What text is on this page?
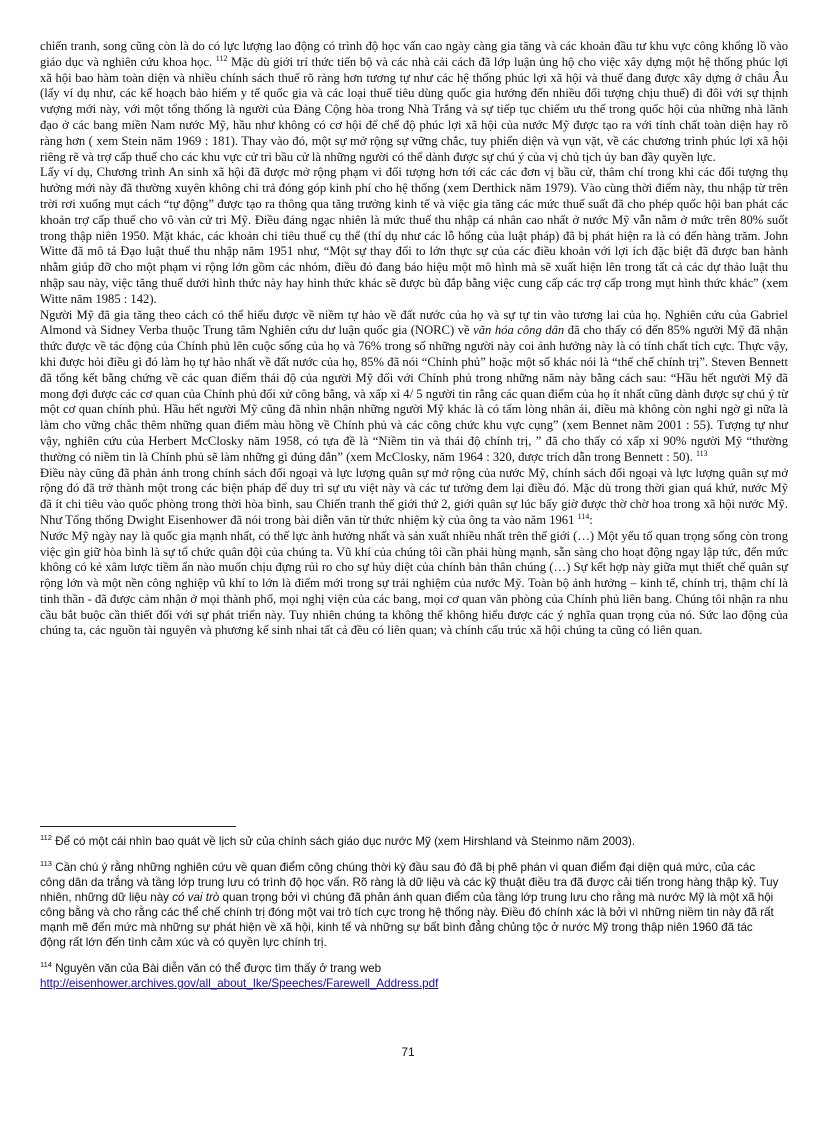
chiến tranh, song cũng còn là do có lực lượng lao động có trình độ học vấn cao ngày càng gia tăng và các khoản đầu tư khu vực công khổng lồ vào giáo dục và nghiên cứu khoa học. $^{112}$ Mặc dù giới trí thức tiến bộ và các nhà cải cách đã lớp luận ủng hộ cho việc xây dựng một hệ thống phúc lợi xã hội bao hàm toàn diện và nhiều chính sách thuế rõ ràng hơn tương tự như các hệ thống phúc lợi xã hội và thuế đang được xây dựng ở châu Âu (lấy ví dụ như, các kế hoạch bảo hiểm y tế quốc gia và các loại thuế tiêu dùng quốc gia hướng đến nhiều đối tượng chịu thuế) đi đôi với sự thịnh vượng mới này, với một tổng thống là người của Đảng Cộng hòa trong Nhà Trắng và sự tiếp tục chiếm ưu thế trong quốc hội của những nhà lãnh đạo ở các bang miền Nam nước Mỹ, hầu như không có cơ hội để chế độ phúc lợi xã hội của nước Mỹ được tạo ra với tính chất toàn diện hay rõ ràng hơn ( xem Stein năm 1969 : 181). Thay vào đó, một sự mở rộng sự vững chắc, tuy phiến diện và vụn vặt, về các chương trình phúc lợi xã hội riêng rẽ và trợ cấp thuế cho các khu vực cử tri bầu cử là những người có thể dành được sự chú ý của vị chủ tịch ủy ban đầy quyền lực.

Lấy ví dụ, Chương trình An sinh xã hội đã được mở rộng phạm vi đối tượng hơn tới các các đơn vị bầu cử, thâm chí trong khi các đối tượng thụ hưởng mới này đã thường xuyên không chi trả đóng góp kinh phí cho hệ thống (xem Derthick năm 1979). Vào cùng thời điểm này, thu nhập từ trên trời rơi xuống mụt cách “tự động” được tạo ra thông qua tăng trưởng kinh tế và việc gia tăng các mức thuế suất đã cho phép quốc hội ban phát các khoản trợ cấp thuế cho vô vàn cử tri Mỹ. Điều đáng ngạc nhiên là mức thuế thu nhập cá nhân cao nhất ở nước Mỹ vẫn nằm ở mức trên 80% suốt trong thập niên 1950. Mặt khác, các khoản chi tiêu thuế cụ thể (thí dụ như các lỗ hổng của luật pháp) đã bị phát hiện ra là có đến hàng trăm. John Witte đã mô tả Đạo luật thuế thu nhập năm 1951 như, “Một sự thay đổi to lớn thực sự của các điều khoản với lợi ích đặc biệt đã được ban hành nhằm giúp đỡ cho một phạm vi rộng lớn gồm các nhóm, điều đó đang báo hiệu một mô hình mà sẽ xuất hiện lên trong tất cả các dự thảo luật thu nhập sau này, việc tăng thuế dưới hình thức này hay hình thức khác sẽ được bù đắp bằng việc cung cấp các trợ cấp trong mụt hình thức khác” (xem Witte năm 1985 : 142).

Người Mỹ đã gia tăng theo cách có thể hiểu được về niềm tự hào về đất nước của họ và sự tự tin vào tương lai của họ. Nghiên cứu của Gabriel Almond và Sidney Verba thuộc Trung tâm Nghiên cứu dư luận quốc gia (NORC) về văn hóa công dân đã cho thấy có đến 85% người Mỹ đã nhận thức được về tác động của Chính phủ lên cuộc sống của họ và 76% trong số những người này coi ảnh hưởng này là có tính chất tích cực. Thực vậy, khi được hỏi điều gì đó làm họ tự hào nhất về đất nước của họ, 85% đã nói “Chính phủ” hoặc một số khác nói là “thể chế chính trị”. Steven Bennett đã tổng kết bằng chứng về các quan điểm thái độ của người Mỹ đối với Chính phủ trong những năm này bằng cách sau: “Hầu hết người Mỹ đã mong đợi được các cơ quan của Chính phủ đối xử công bằng, và xấp xỉ 4/ 5 người tin rằng các quan điểm của họ ít nhất cũng dành được sự chú ý từ một cơ quan chính phủ. Hầu hết người Mỹ cũng đã nhìn nhận những người Mỹ khác là có tấm lòng nhân ái, điều mà không còn nghi ngờ gì nữa là làm cho vững chắc thêm những quan điểm màu hồng về Chính phủ và các công chức khu vực cụng” (xem Bennet năm 2001 : 55). Tượng tự như vậy, nghiên cứu của Herbert McClosky năm 1958, có tựa đề là “Niềm tin và thái độ chính trị, ” đã cho thấy có xấp xỉ 90% người Mỹ “thường thường có niềm tin là Chính phủ sẽ làm những gì đúng đắn” (xem McClosky, năm 1964 : 320, được trích dẫn trong Bennett : 50). $^{113}$

Điều này cũng đã phản ánh trong chính sách đối ngoại và lực lượng quân sự mở rộng của nước Mỹ, chính sách đối ngoại và lực lượng quân sự mở rộng đó đã trở thành một trong các biện pháp để duy trì sự ưu việt này và các tư tưởng đem lại điều đó. Mặc dù trong thời gian quá khứ, nước Mỹ đã ít chi tiêu vào quốc phòng trong thời hòa bình, sau Chiến tranh thế giới thứ 2, giới quân sự lúc bấy giờ được thờ chờ hoa trong xã hội nước Mỹ. Như Tổng thống Dwight Eisenhower đã nói trong bài diễn văn từ thức nhiệm kỳ của ông ta vào năm 1961 $^{114}$:

Nước Mỹ ngày nay là quốc gia mạnh nhất, có thế lực ảnh hưởng nhất và sản xuất nhiều nhất trên thế giới (…) Một yếu tố quan trọng sống còn trong việc gìn giữ hòa bình là sự tổ chức quân đội của chúng ta. Vũ khí của chúng tôi cần phải hùng mạnh, sẵn sàng cho hoạt động ngay lập tức, đến mức không có kẻ xâm lược tiềm ẩn nào muốn chịu đựng rủi ro cho sự hủy diệt của chính bản thân chúng (…) Sự kết hợp này giữa mụt thiết chế quân sự rộng lớn và một nền công nghiệp vũ khí to lớn là điểm mới trong sự trải nghiệm của nước Mỹ. Toàn bộ ảnh hưởng – kinh tế, chính trị, thậm chí là tinh thần - đã được cảm nhận ở mọi thành phố, mọi nghị viện của các bang, mọi cơ quan văn phòng của Chính phủ liên bang. Chúng tôi nhận ra nhu cầu bắt buộc cần thiết đối với sự phát triển này. Tuy nhiên chúng ta không thể không hiểu được các ý nghĩa quan trọng của nó. Sức lao động của chúng ta, các nguồn tài nguyên và phương kế sinh nhai tất cả đều có liên quan; và chính cấu trúc xã hội chúng ta cũng có liên quan.

$^{112}$ Để có một cái nhìn bao quát về lịch sử của chính sách giáo dục nước Mỹ (xem Hirshland và Steinmo năm 2003).

$^{113}$ Cần chú ý rằng những nghiên cứu về quan điểm công chúng thời kỳ đầu sau đó đã bị phê phán vì quan điểm đại diện quá mức, của các công dân da trắng và tầng lớp trung lưu có trình độ học vấn. Rõ ràng là dữ liệu và các kỹ thuật điều tra đã được cải tiến trong hàng thập kỷ. Tuy nhiên, những dữ liệu này có vai trò quan trọng bởi vì chúng đã phản ánh quan điểm của tầng lớp trung lưu cho rằng mà nước Mỹ là một xã hội công bằng và cho rằng các thể chế chính trị đóng một vai trò tích cực trong hệ thống này. Điều đó chính xác là bởi vì những niềm tin này đã rất mạnh mẽ đến mức mà những sự phát hiện về xã hội, kinh tế và những sự bất bình đẳng chủng tộc ở nước Mỹ trong thập niên 1960 đã tác động rất lớn đến tình cảm xúc và có quyền lực chính trị.

$^{114}$ Nguyên văn của Bài diễn văn có thể được tìm thấy ở trang web
http://eisenhower.archives.gov/all_about_Ike/Speeches/Farewell_Address.pdf

71
